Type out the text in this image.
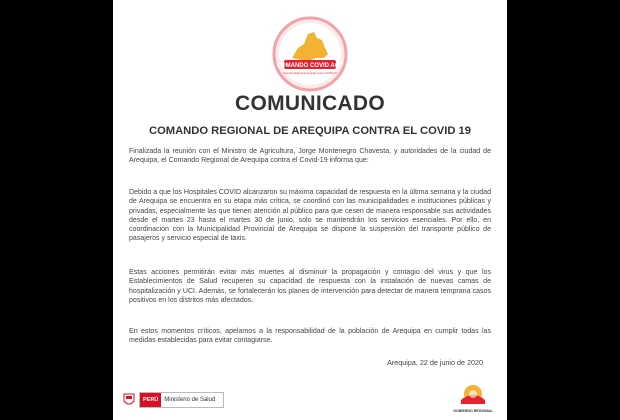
COMANDO COVID AQP
Comando Regional de Arequipa contra el COVID-19
COMUNICADO
COMANDO REGIONAL DE AREQUIPA CONTRA EL COVID 19
Finalizada la reunión con el Ministro de Agricultura, Jorge Montenegro Chavesta, y autoridades de la ciudad de Arequipa, el Comando Regional de Arequipa contra el Covid-19 informa que:
Debido a que los Hospitales COVID alcanzaron su máxima capacidad de respuesta en la última semana y la ciudad de Arequipa se encuentra en su etapa más crítica, se coordinó con las municipalidades e instituciones públicas y privadas, especialmente las que tienen atención al público para que cesen de manera responsable sus actividades desde el martes 23 hasta el martes 30 de junio, solo se mantendrán los servicios esenciales. Por ello, en coordinación con la Municipalidad Provincial de Arequipa se dispone la suspensión del transporte público de pasajeros y servicio especial de taxis.
Estas acciones permitirán evitar más muertes al disminuir la propagación y contagio del virus y que los Establecimientos de Salud recuperen su capacidad de respuesta con la instalación de nuevas camas de hospitalización y UCI. Además, se fortalecerán los planes de intervención para detectar de manera temprana casos positivos en los distritos más afectados.
En estos momentos críticos, apelamos a la responsabilidad de la población de Arequipa en cumplir todas las medidas establecidas para evitar contagiarse.
Arequipa, 22 de junio de 2020
PERÚ	Ministerio de Salud
GOBIERNO REGIONAL
